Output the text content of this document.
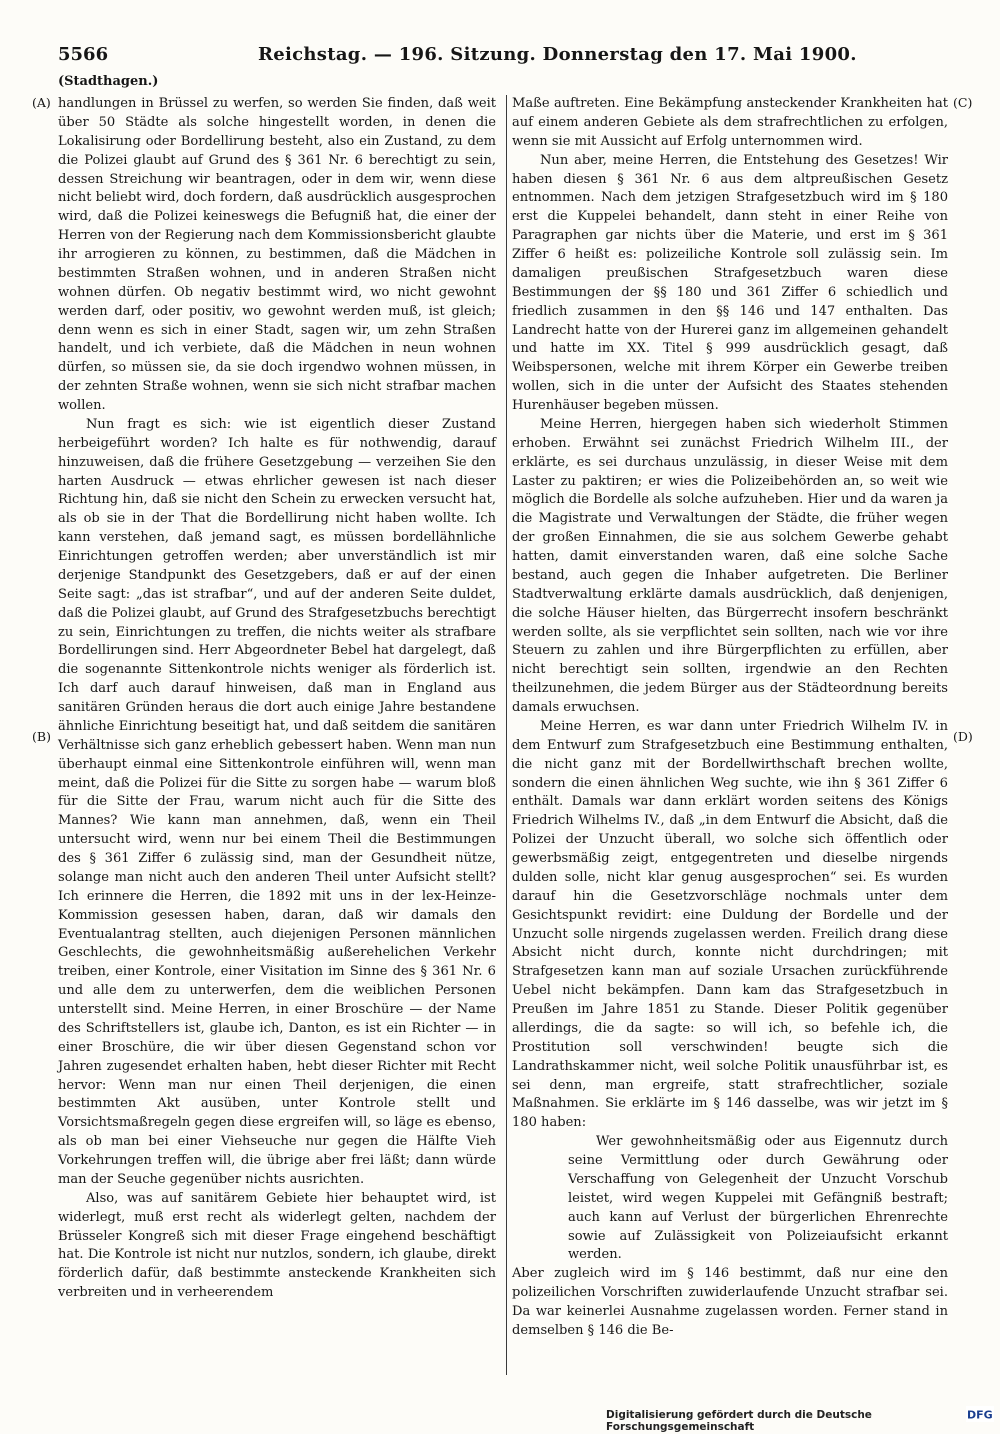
5566	Reichstag. — 196. Sitzung. Donnerstag den 17. Mai 1900.
(Stadthagen.)
(A)
(B)
(C)
(D)

handlungen in Brüssel zu werfen, so werden Sie finden, daß weit über 50 Städte als solche hingestellt worden, in denen die Lokalisirung oder Bordellirung besteht, also ein Zustand, zu dem die Polizei glaubt auf Grund des § 361 Nr. 6 berechtigt zu sein, dessen Streichung wir beantragen, oder in dem wir, wenn diese nicht beliebt wird, doch fordern, daß ausdrücklich ausgesprochen wird, daß die Polizei keineswegs die Befugniß hat, die einer der Herren von der Regierung nach dem Kommissionsbericht glaubte ihr arrogieren zu können, zu bestimmen, daß die Mädchen in bestimmten Straßen wohnen, und in anderen Straßen nicht wohnen dürfen. Ob negativ bestimmt wird, wo nicht gewohnt werden darf, oder positiv, wo gewohnt werden muß, ist gleich; denn wenn es sich in einer Stadt, sagen wir, um zehn Straßen handelt, und ich verbiete, daß die Mädchen in neun wohnen dürfen, so müssen sie, da sie doch irgendwo wohnen müssen, in der zehnten Straße wohnen, wenn sie sich nicht strafbar machen wollen.

Nun fragt es sich: wie ist eigentlich dieser Zustand herbeigeführt worden? Ich halte es für nothwendig, darauf hinzuweisen, daß die frühere Gesetzgebung — verzeihen Sie den harten Ausdruck — etwas ehrlicher gewesen ist nach dieser Richtung hin, daß sie nicht den Schein zu erwecken versucht hat, als ob sie in der That die Bordellirung nicht haben wollte. Ich kann verstehen, daß jemand sagt, es müssen bordellähnliche Einrichtungen getroffen werden; aber unverständlich ist mir derjenige Standpunkt des Gesetzgebers, daß er auf der einen Seite sagt: „das ist strafbar“, und auf der anderen Seite duldet, daß die Polizei glaubt, auf Grund des Strafgesetzbuchs berechtigt zu sein, Einrichtungen zu treffen, die nichts weiter als strafbare Bordellirungen sind. Herr Abgeordneter Bebel hat dargelegt, daß die sogenannte Sittenkontrole nichts weniger als förderlich ist. Ich darf auch darauf hinweisen, daß man in England aus sanitären Gründen heraus die dort auch einige Jahre bestandene ähnliche Einrichtung beseitigt hat, und daß seitdem die sanitären Verhältnisse sich ganz erheblich gebessert haben. Wenn man nun überhaupt einmal eine Sittenkontrole einführen will, wenn man meint, daß die Polizei für die Sitte zu sorgen habe — warum bloß für die Sitte der Frau, warum nicht auch für die Sitte des Mannes? Wie kann man annehmen, daß, wenn ein Theil untersucht wird, wenn nur bei einem Theil die Bestimmungen des § 361 Ziffer 6 zulässig sind, man der Gesundheit nütze, solange man nicht auch den anderen Theil unter Aufsicht stellt? Ich erinnere die Herren, die 1892 mit uns in der lex-Heinze-Kommission gesessen haben, daran, daß wir damals den Eventualantrag stellten, auch diejenigen Personen männlichen Geschlechts, die gewohnheitsmäßig außerehelichen Verkehr treiben, einer Kontrole, einer Visitation im Sinne des § 361 Nr. 6 und alle dem zu unterwerfen, dem die weiblichen Personen unterstellt sind. Meine Herren, in einer Broschüre — der Name des Schriftstellers ist, glaube ich, Danton, es ist ein Richter — in einer Broschüre, die wir über diesen Gegenstand schon vor Jahren zugesendet erhalten haben, hebt dieser Richter mit Recht hervor: Wenn man nur einen Theil derjenigen, die einen bestimmten Akt ausüben, unter Kontrole stellt und Vorsichtsmaßregeln gegen diese ergreifen will, so läge es ebenso, als ob man bei einer Viehseuche nur gegen die Hälfte Vieh Vorkehrungen treffen will, die übrige aber frei läßt; dann würde man der Seuche gegenüber nichts ausrichten.

Also, was auf sanitärem Gebiete hier behauptet wird, ist widerlegt, muß erst recht als widerlegt gelten, nachdem der Brüsseler Kongreß sich mit dieser Frage eingehend beschäftigt hat. Die Kontrole ist nicht nur nutzlos, sondern, ich glaube, direkt förderlich dafür, daß bestimmte ansteckende Krankheiten sich verbreiten und in verheerendem

Maße auftreten. Eine Bekämpfung ansteckender Krankheiten hat auf einem anderen Gebiete als dem strafrechtlichen zu erfolgen, wenn sie mit Aussicht auf Erfolg unternommen wird.

Nun aber, meine Herren, die Entstehung des Gesetzes! Wir haben diesen § 361 Nr. 6 aus dem altpreußischen Gesetz entnommen. Nach dem jetzigen Strafgesetzbuch wird im § 180 erst die Kuppelei behandelt, dann steht in einer Reihe von Paragraphen gar nichts über die Materie, und erst im § 361 Ziffer 6 heißt es: polizeiliche Kontrole soll zulässig sein. Im damaligen preußischen Strafgesetzbuch waren diese Bestimmungen der §§ 180 und 361 Ziffer 6 schiedlich und friedlich zusammen in den §§ 146 und 147 enthalten. Das Landrecht hatte von der Hurerei ganz im allgemeinen gehandelt und hatte im XX. Titel § 999 ausdrücklich gesagt, daß Weibspersonen, welche mit ihrem Körper ein Gewerbe treiben wollen, sich in die unter der Aufsicht des Staates stehenden Hurenhäuser begeben müssen.

Meine Herren, hiergegen haben sich wiederholt Stimmen erhoben. Erwähnt sei zunächst Friedrich Wilhelm III., der erklärte, es sei durchaus unzulässig, in dieser Weise mit dem Laster zu paktiren; er wies die Polizeibehörden an, so weit wie möglich die Bordelle als solche aufzuheben. Hier und da waren ja die Magistrate und Verwaltungen der Städte, die früher wegen der großen Einnahmen, die sie aus solchem Gewerbe gehabt hatten, damit einverstanden waren, daß eine solche Sache bestand, auch gegen die Inhaber aufgetreten. Die Berliner Stadtverwaltung erklärte damals ausdrücklich, daß denjenigen, die solche Häuser hielten, das Bürgerrecht insofern beschränkt werden sollte, als sie verpflichtet sein sollten, nach wie vor ihre Steuern zu zahlen und ihre Bürgerpflichten zu erfüllen, aber nicht berechtigt sein sollten, irgendwie an den Rechten theilzunehmen, die jedem Bürger aus der Städteordnung bereits damals erwuchsen.

Meine Herren, es war dann unter Friedrich Wilhelm IV. in dem Entwurf zum Strafgesetzbuch eine Bestimmung enthalten, die nicht ganz mit der Bordellwirthschaft brechen wollte, sondern die einen ähnlichen Weg suchte, wie ihn § 361 Ziffer 6 enthält. Damals war dann erklärt worden seitens des Königs Friedrich Wilhelms IV., daß „in dem Entwurf die Absicht, daß die Polizei der Unzucht überall, wo solche sich öffentlich oder gewerbsmäßig zeigt, entgegentreten und dieselbe nirgends dulden solle, nicht klar genug ausgesprochen“ sei. Es wurden darauf hin die Gesetzvorschläge nochmals unter dem Gesichtspunkt revidirt: eine Duldung der Bordelle und der Unzucht solle nirgends zugelassen werden. Freilich drang diese Absicht nicht durch, konnte nicht durchdringen; mit Strafgesetzen kann man auf soziale Ursachen zurückführende Uebel nicht bekämpfen. Dann kam das Strafgesetzbuch in Preußen im Jahre 1851 zu Stande. Dieser Politik gegenüber allerdings, die da sagte: so will ich, so befehle ich, die Prostitution soll verschwinden! beugte sich die Landrathskammer nicht, weil solche Politik unausführbar ist, es sei denn, man ergreife, statt strafrechtlicher, soziale Maßnahmen. Sie erklärte im § 146 dasselbe, was wir jetzt im § 180 haben:

Wer gewohnheitsmäßig oder aus Eigennutz durch seine Vermittlung oder durch Gewährung oder Verschaffung von Gelegenheit der Unzucht Vorschub leistet, wird wegen Kuppelei mit Gefängniß bestraft; auch kann auf Verlust der bürgerlichen Ehrenrechte sowie auf Zulässigkeit von Polizeiaufsicht erkannt werden.

Aber zugleich wird im § 146 bestimmt, daß nur eine den polizeilichen Vorschriften zuwiderlaufende Unzucht strafbar sei. Da war keinerlei Ausnahme zugelassen worden. Ferner stand in demselben § 146 die Be-

Digitalisierung gefördert durch die Deutsche Forschungsgemeinschaft
DFG
